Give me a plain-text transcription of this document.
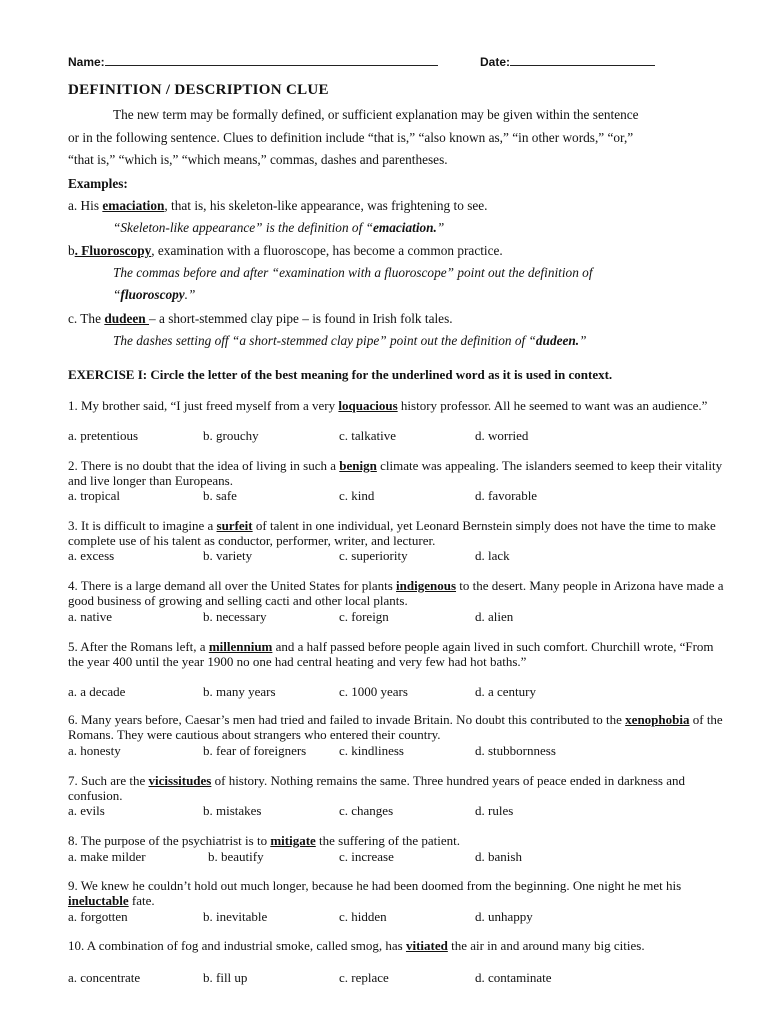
Name:	Date:
DEFINITION / DESCRIPTION CLUE
The new term may be formally defined, or sufficient explanation may be given within the sentence
or in the following sentence. Clues to definition include “that is,” “also known as,” “in other words,” “or,”
“that is,” “which is,” “which means,” commas, dashes and parentheses.
Examples:
a. His emaciation, that is, his skeleton-like appearance, was frightening to see.
“Skeleton-like appearance” is the definition of “emaciation.”
b. Fluoroscopy, examination with a fluoroscope, has become a common practice.
The commas before and after “examination with a fluoroscope” point out the definition of
“fluoroscopy.”
c. The dudeen – a short-stemmed clay pipe – is found in Irish folk tales.
The dashes setting off “a short-stemmed clay pipe” point out the definition of “dudeen.”
EXERCISE I: Circle the letter of the best meaning for the underlined word as it is used in context.
1. My brother said, “I just freed myself from a very loquacious history professor. All he seemed to want was an audience.”
a. pretentious	b. grouchy	c. talkative	d. worried
2. There is no doubt that the idea of living in such a benign climate was appealing. The islanders seemed to keep their vitality and live longer than Europeans.
a. tropical	b. safe	c. kind	d. favorable
3. It is difficult to imagine a surfeit of talent in one individual, yet Leonard Bernstein simply does not have the time to make complete use of his talent as conductor, performer, writer, and lecturer.
a. excess	b. variety	c. superiority	d. lack
4. There is a large demand all over the United States for plants indigenous to the desert. Many people in Arizona have made a good business of growing and selling cacti and other local plants.
a. native	b. necessary	c. foreign	d. alien
5. After the Romans left, a millennium and a half passed before people again lived in such comfort. Churchill wrote, “From the year 400 until the year 1900 no one had central heating and very few had hot baths.”
a. a decade	b. many years	c. 1000 years	d. a century
6. Many years before, Caesar’s men had tried and failed to invade Britain. No doubt this contributed to the xenophobia of the Romans. They were cautious about strangers who entered their country.
a. honesty	b. fear of foreigners	c. kindliness	d. stubbornness
7. Such are the vicissitudes of history. Nothing remains the same. Three hundred years of peace ended in darkness and confusion.
a. evils	b. mistakes	c. changes	d. rules
8. The purpose of the psychiatrist is to mitigate the suffering of the patient.
a. make milder	b. beautify	c. increase	d. banish
9. We knew he couldn’t hold out much longer, because he had been doomed from the beginning. One night he met his ineluctable fate.
a. forgotten	b. inevitable	c. hidden	d. unhappy
10. A combination of fog and industrial smoke, called smog, has vitiated the air in and around many big cities.
a. concentrate	b. fill up	c. replace	d. contaminate
